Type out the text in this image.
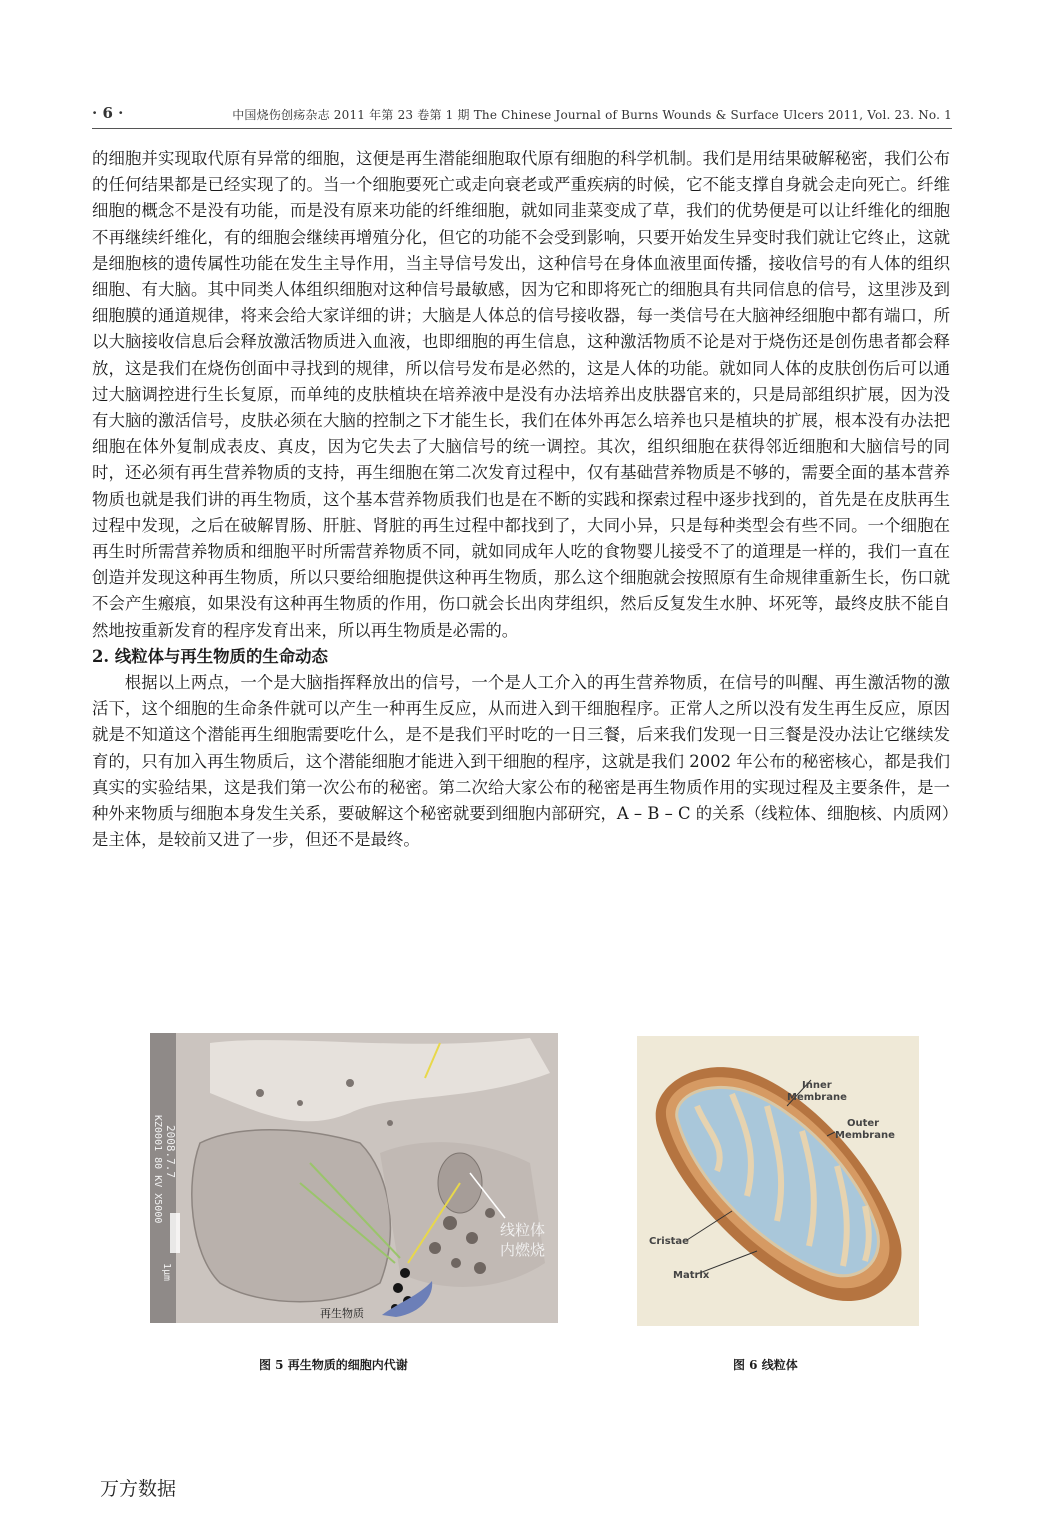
· 6 ·	中国烧伤创疡杂志 2011 年第 23 卷第 1 期 The Chinese Journal of Burns Wounds & Surface Ulcers 2011, Vol. 23. No. 1

的细胞并实现取代原有异常的细胞，这便是再生潜能细胞取代原有细胞的科学机制。我们是用结果破解秘密，我们公布的任何结果都是已经实现了的。当一个细胞要死亡或走向衰老或严重疾病的时候，它不能支撑自身就会走向死亡。纤维细胞的概念不是没有功能，而是没有原来功能的纤维细胞，就如同韭菜变成了草，我们的优势便是可以让纤维化的细胞不再继续纤维化，有的细胞会继续再增殖分化，但它的功能不会受到影响，只要开始发生异变时我们就让它终止，这就是细胞核的遗传属性功能在发生主导作用，当主导信号发出，这种信号在身体血液里面传播，接收信号的有人体的组织细胞、有大脑。其中同类人体组织细胞对这种信号最敏感，因为它和即将死亡的细胞具有共同信息的信号，这里涉及到细胞膜的通道规律，将来会给大家详细的讲；大脑是人体总的信号接收器，每一类信号在大脑神经细胞中都有端口，所以大脑接收信息后会释放激活物质进入血液，也即细胞的再生信息，这种激活物质不论是对于烧伤还是创伤患者都会释放，这是我们在烧伤创面中寻找到的规律，所以信号发布是必然的，这是人体的功能。就如同人体的皮肤创伤后可以通过大脑调控进行生长复原，而单纯的皮肤植块在培养液中是没有办法培养出皮肤器官来的，只是局部组织扩展，因为没有大脑的激活信号，皮肤必须在大脑的控制之下才能生长，我们在体外再怎么培养也只是植块的扩展，根本没有办法把细胞在体外复制成表皮、真皮，因为它失去了大脑信号的统一调控。其次，组织细胞在获得邻近细胞和大脑信号的同时，还必须有再生营养物质的支持，再生细胞在第二次发育过程中，仅有基础营养物质是不够的，需要全面的基本营养物质也就是我们讲的再生物质，这个基本营养物质我们也是在不断的实践和探索过程中逐步找到的，首先是在皮肤再生过程中发现，之后在破解胃肠、肝脏、肾脏的再生过程中都找到了，大同小异，只是每种类型会有些不同。一个细胞在再生时所需营养物质和细胞平时所需营养物质不同，就如同成年人吃的食物婴儿接受不了的道理是一样的，我们一直在创造并发现这种再生物质，所以只要给细胞提供这种再生物质，那么这个细胞就会按照原有生命规律重新生长，伤口就不会产生瘢痕，如果没有这种再生物质的作用，伤口就会长出肉芽组织，然后反复发生水肿、坏死等，最终皮肤不能自然地按重新发育的程序发育出来，所以再生物质是必需的。

2. 线粒体与再生物质的生命动态

根据以上两点，一个是大脑指挥释放出的信号，一个是人工介入的再生营养物质，在信号的叫醒、再生激活物的激活下，这个细胞的生命条件就可以产生一种再生反应，从而进入到干细胞程序。正常人之所以没有发生再生反应，原因就是不知道这个潜能再生细胞需要吃什么，是不是我们平时吃的一日三餐，后来我们发现一日三餐是没办法让它继续发育的，只有加入再生物质后，这个潜能细胞才能进入到干细胞的程序，这就是我们 2002 年公布的秘密核心，都是我们真实的实验结果，这是我们第一次公布的秘密。第二次给大家公布的秘密是再生物质作用的实现过程及主要条件，是一种外来物质与细胞本身发生关系，要破解这个秘密就要到细胞内部研究，A – B – C 的关系（线粒体、细胞核、内质网）是主体，是较前又进了一步，但还不是最终。

2008.7.7
KZ0001 80 KV X5000
1μm
线粒体
内燃烧
再生物质
图 5 再生物质的细胞内代谢
Inner
Membrane
Outer
Membrane
Cristae
Matrix
图 6 线粒体
万方数据
